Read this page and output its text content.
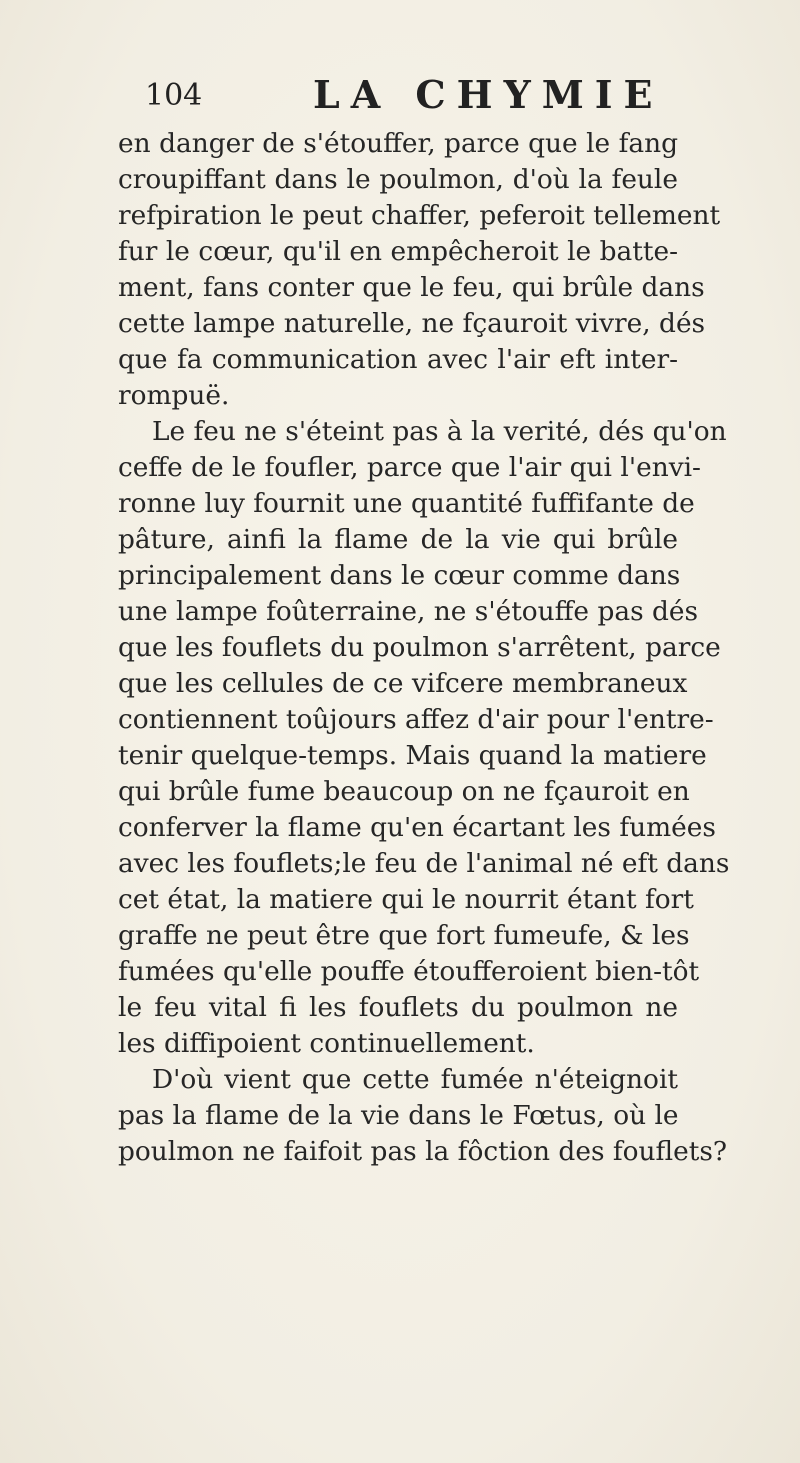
104	LA CHYMIE
en danger de s'étouffer, parce que le fang
croupiffant dans le poulmon, d'où la feule
refpiration le peut chaffer, peferoit tellement
fur le cœur, qu'il en empêcheroit le batte-
ment, fans conter que le feu, qui brûle dans
cette lampe naturelle, ne fçauroit vivre, dés
que fa communication avec l'air eft inter-
rompuë.
Le feu ne s'éteint pas à la verité, dés qu'on
ceffe de le foufler, parce que l'air qui l'envi-
ronne luy fournit une quantité fuffifante de
pâture, ainfi la flame de la vie qui brûle
principalement dans le cœur comme dans
une lampe foûterraine, ne s'étouffe pas dés
que les fouflets du poulmon s'arrêtent, parce
que les cellules de ce vifcere membraneux
contiennent toûjours affez d'air pour l'entre-
tenir quelque-temps. Mais quand la matiere
qui brûle fume beaucoup on ne fçauroit en
conferver la flame qu'en écartant les fumées
avec les fouflets;le feu de l'animal né eft dans
cet état, la matiere qui le nourrit étant fort
graffe ne peut être que fort fumeufe, & les
fumées qu'elle pouffe étoufferoient bien-tôt
le feu vital fi les fouflets du poulmon ne
les diffipoient continuellement.
D'où vient que cette fumée n'éteignoit
pas la flame de la vie dans le Fœtus, où le
poulmon ne faifoit pas la fôction des fouflets?
